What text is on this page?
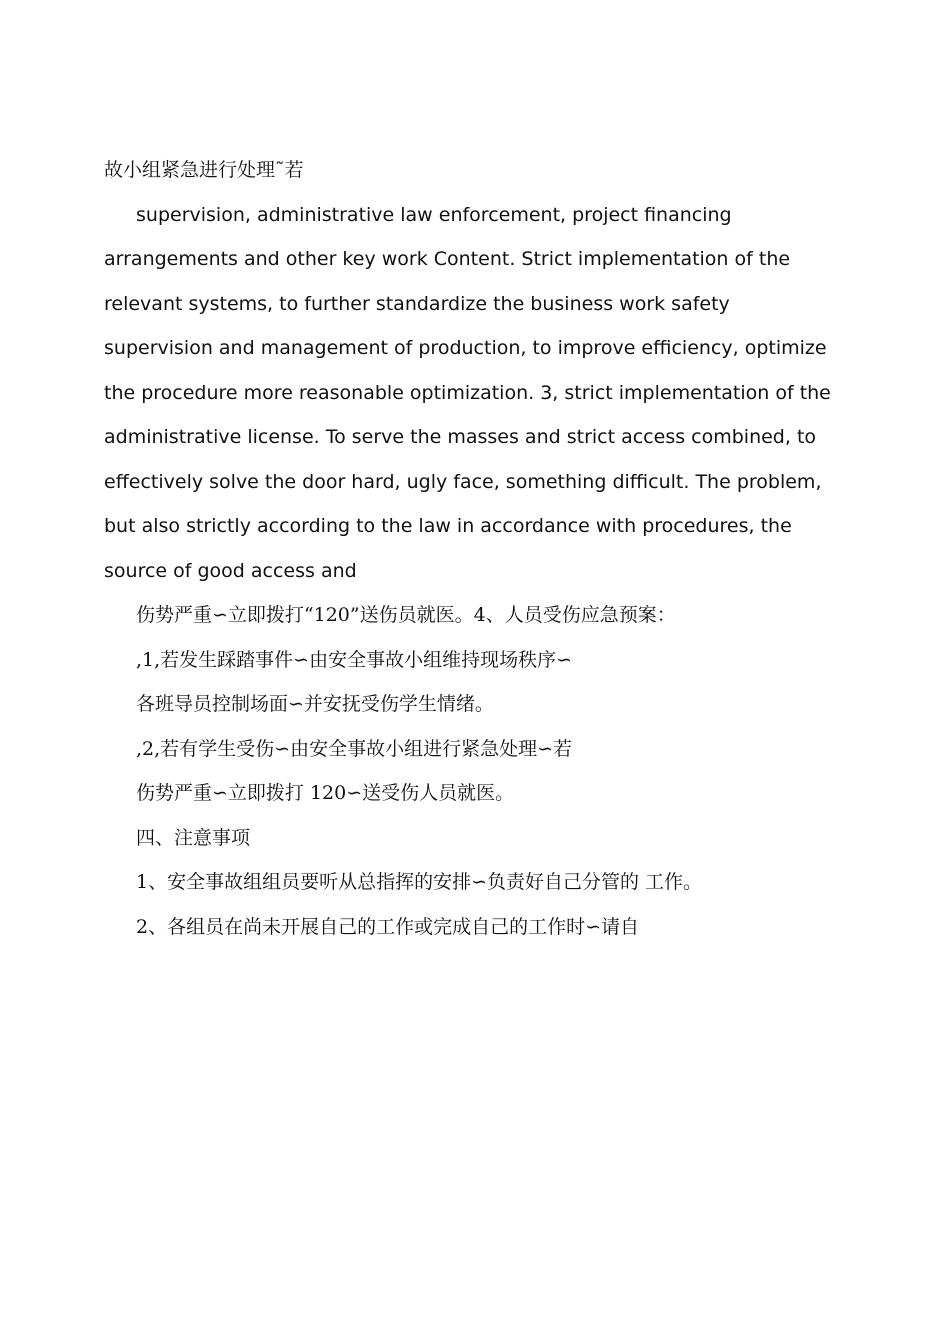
故小组紧急进行处理˜若
supervision, administrative law enforcement, project financing
arrangements and other key work Content. Strict implementation of the
relevant systems, to further standardize the business work safety
supervision and management of production, to improve efficiency, optimize
the procedure more reasonable optimization. 3, strict implementation of the
administrative license. To serve the masses and strict access combined, to
effectively solve the door hard, ugly face, something difficult. The problem,
but also strictly according to the law in accordance with procedures, the
source of good access and
伤势严重∽立即拨打“120”送伤员就医。4、人员受伤应急预案：
,1,若发生踩踏事件∽由安全事故小组维持现场秩序∽
各班导员控制场面∽并安抚受伤学生情绪。
,2,若有学生受伤∽由安全事故小组进行紧急处理∽若
伤势严重∽立即拨打 120∽送受伤人员就医。
四、注意事项
1、安全事故组组员要听从总指挥的安排∽负责好自己分管的 工作。
2、各组员在尚未开展自己的工作或完成自己的工作时∽请自
